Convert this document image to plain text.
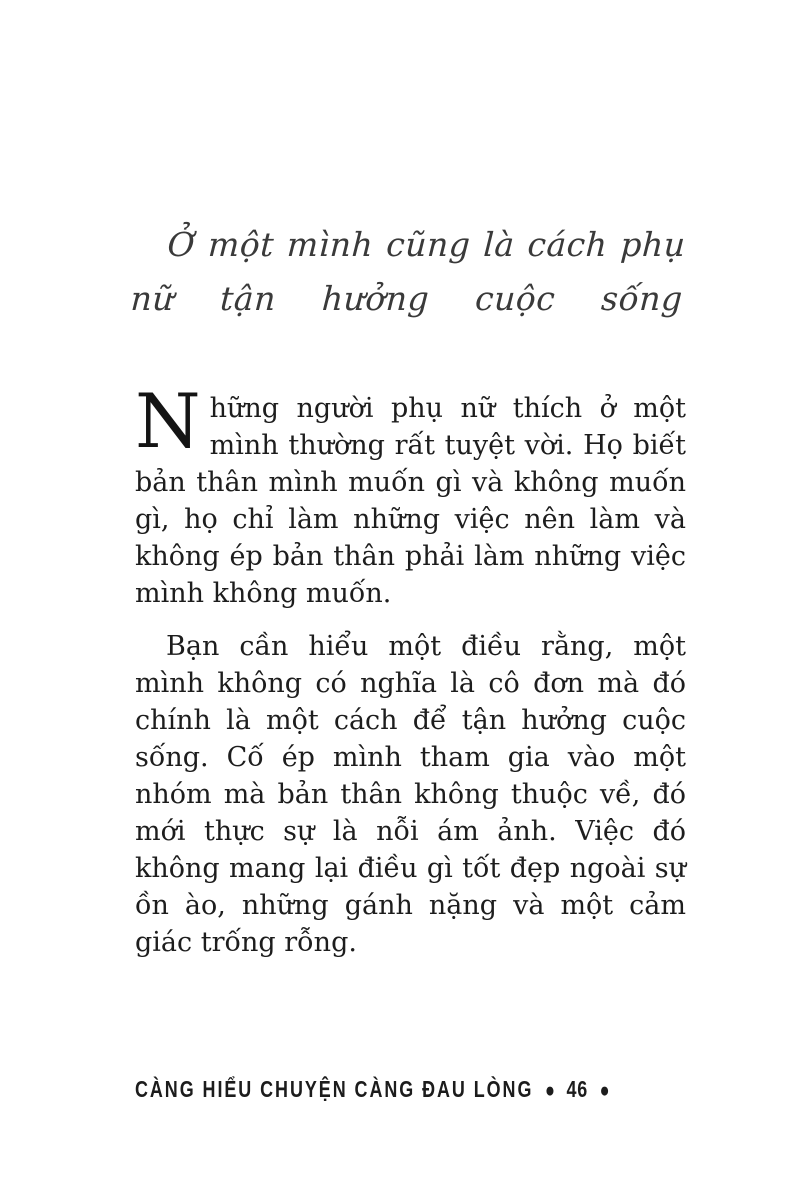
Ở một mình cũng là cách phụ nữ tận hưởng cuộc sống

Những người phụ nữ thích ở một mình thường rất tuyệt vời. Họ biết bản thân mình muốn gì và không muốn gì, họ chỉ làm những việc nên làm và không ép bản thân phải làm những việc mình không muốn.

Bạn cần hiểu một điều rằng, một mình không có nghĩa là cô đơn mà đó chính là một cách để tận hưởng cuộc sống. Cố ép mình tham gia vào một nhóm mà bản thân không thuộc về, đó mới thực sự là nỗi ám ảnh. Việc đó không mang lại điều gì tốt đẹp ngoài sự ồn ào, những gánh nặng và một cảm giác trống rỗng.

CÀNG HIỂU CHUYỆN CÀNG ĐAU LÒNG ● 46 ●
